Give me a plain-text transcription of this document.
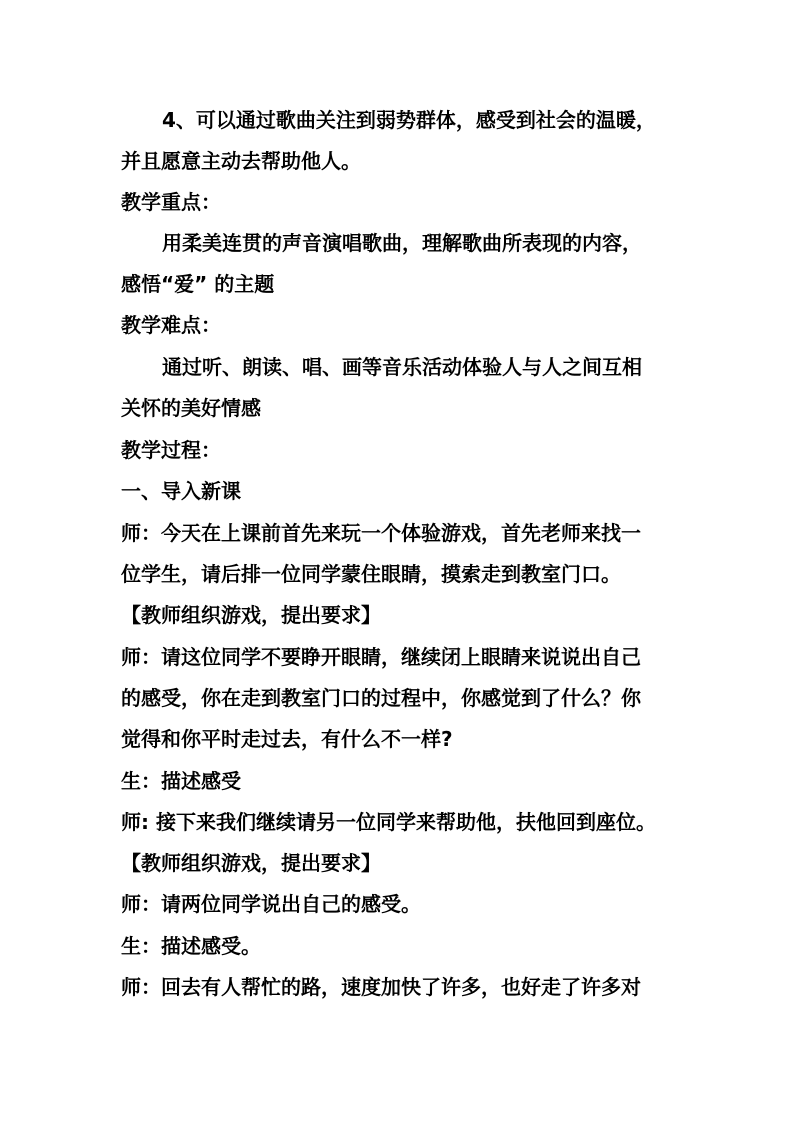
4、可以通过歌曲关注到弱势群体，感受到社会的温暖，
并且愿意主动去帮助他人。
教学重点：
用柔美连贯的声音演唱歌曲，理解歌曲所表现的内容，
感悟“爱” 的主题
教学难点：
通过听、朗读、唱、画等音乐活动体验人与人之间互相
关怀的美好情感
教学过程：
一、导入新课
师：今天在上课前首先来玩一个体验游戏，首先老师来找一
位学生，请后排一位同学蒙住眼睛，摸索走到教室门口。
【教师组织游戏，提出要求】
师：请这位同学不要睁开眼睛，继续闭上眼睛来说说出自己
的感受，你在走到教室门口的过程中，你感觉到了什么？你
觉得和你平时走过去，有什么不一样?
生：描述感受
师: 接下来我们继续请另一位同学来帮助他，扶他回到座位。
【教师组织游戏，提出要求】
师：请两位同学说出自己的感受。
生：描述感受。
师：回去有人帮忙的路，速度加快了许多，也好走了许多对
